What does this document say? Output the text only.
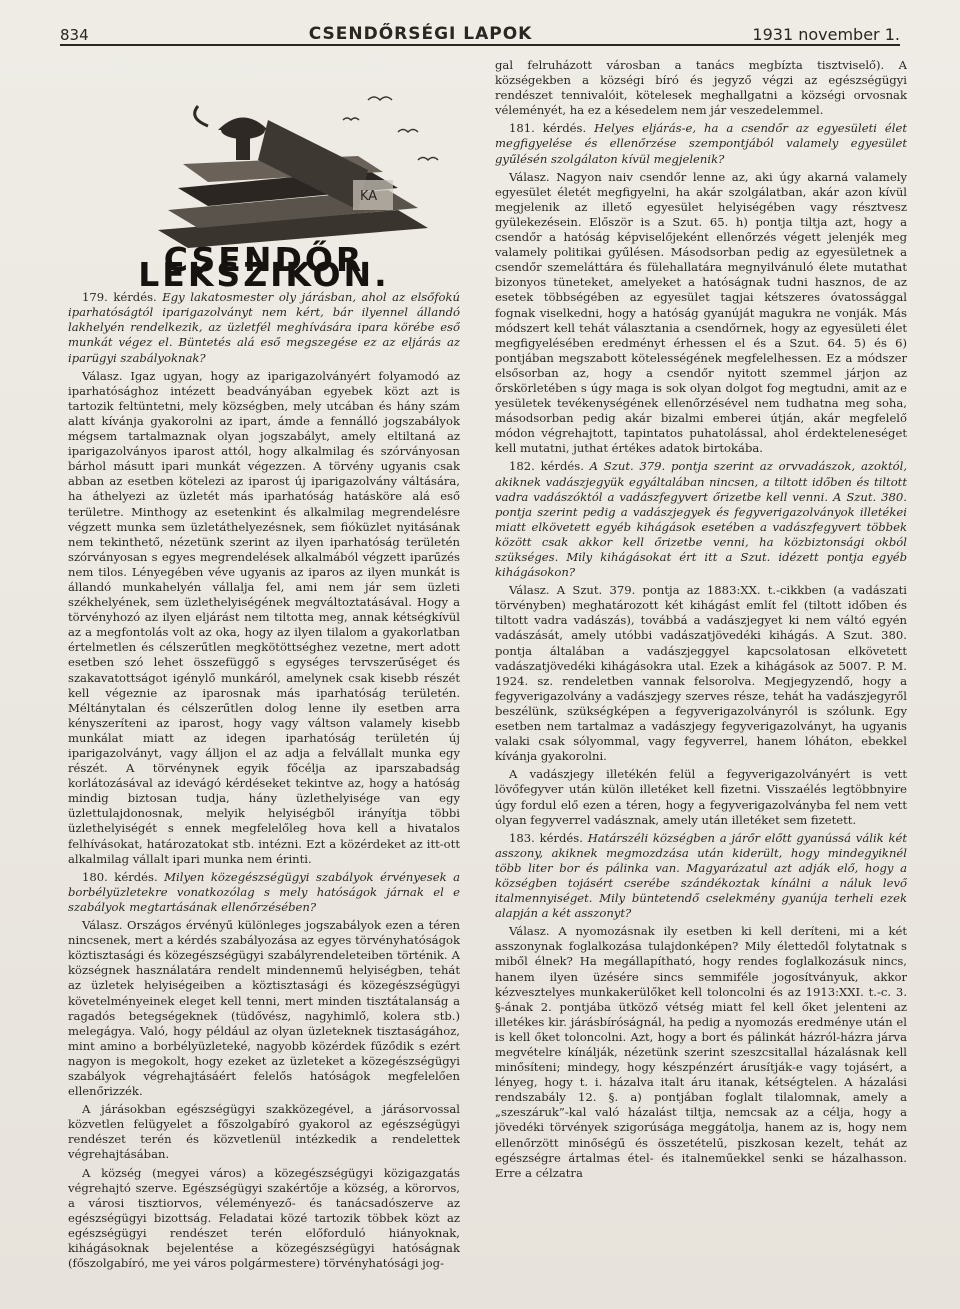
834	CSENDŐRSÉGI LAPOK	1931 november 1.
KA
CSENDŐR LEKSZIKON.

179. kérdés. Egy lakatosmester oly járásban, ahol az elsőfokú iparhatóságtól iparigazolványt nem kért, bár ilyennel állandó lakhelyén rendelkezik, az üzletfél meghívására ipara körébe eső munkát végez el. Büntetés alá eső megszegése ez az eljárás az iparügyi szabályoknak?

Válasz. Igaz ugyan, hogy az iparigazolványért folyamodó az iparhatósághoz intézett beadványában egyebek közt azt is tartozik feltüntetni, mely községben, mely utcában és hány szám alatt kívánja gyakorolni az ipart, ámde a fennálló jogszabályok mégsem tartalmaznak olyan jogszabályt, amely eltiltaná az iparigazolványos iparost attól, hogy alkalmilag és szórványosan bárhol másutt ipari munkát végezzen. A törvény ugyanis csak abban az esetben kötelezi az iparost új iparigazolvány váltására, ha áthelyezi az üzletét más iparhatóság hatásköre alá eső területre. Minthogy az esetenkint és alkalmilag megrendelésre végzett munka sem üzletáthelyezésnek, sem fióküzlet nyitásának nem tekinthető, nézetünk szerint az ilyen iparhatóság területén szórványosan s egyes megrendelések alkalmából végzett iparűzés nem tilos. Lényegében véve ugyanis az iparos az ilyen munkát is állandó munkahelyén vállalja fel, ami nem jár sem üzleti székhelyének, sem üzlethelyiségének megváltoztatásával. Hogy a törvényhozó az ilyen eljárást nem tiltotta meg, annak kétségkívül az a megfontolás volt az oka, hogy az ilyen tilalom a gyakorlatban értelmetlen és célszerűtlen megkötöttséghez vezetne, mert adott esetben szó lehet összefüggő s egységes tervszerűséget és szakavatottságot igénylő munkáról, amelynek csak kisebb részét kell végeznie az iparosnak más iparhatóság területén. Méltánytalan és célszerűtlen dolog lenne ily esetben arra kényszeríteni az iparost, hogy vagy váltson valamely kisebb munkálat miatt az idegen iparhatóság területén új iparigazolványt, vagy álljon el az adja a felvállalt munka egy részét. A törvénynek egyik főcélja az iparszabadság korlátozásával az idevágó kérdéseket tekintve az, hogy a hatóság mindig biztosan tudja, hány üzlethelyisége van egy üzlettulajdonosnak, melyik helyiségből irányítja többi üzlethelyiségét s ennek megfelelőleg hova kell a hivatalos felhívásokat, határozatokat stb. intézni. Ezt a közérdeket az itt-ott alkalmilag vállalt ipari munka nem érinti.

180. kérdés. Milyen közegészségügyi szabályok érvényesek a borbélyüzletekre vonatkozólag s mely hatóságok járnak el e szabályok megtartásának ellenőrzésében?

Válasz. Országos érvényű különleges jogszabályok ezen a téren nincsenek, mert a kérdés szabályozása az egyes törvényhatóságok köztisztasági és közegészségügyi szabályrendeleteiben történik. A községnek használatára rendelt mindennemű helyiségben, tehát az üzletek helyiségeiben a köztisztasági és közegészségügyi követelményeinek eleget kell tenni, mert minden tisztátalanság a ragadós betegségeknek (tüdővész, nagyhimlő, kolera stb.) melegágya. Való, hogy például az olyan üzleteknek tisztaságához, mint amino a borbélyüzleteké, nagyobb közérdek fűződik s ezért nagyon is megokolt, hogy ezeket az üzleteket a közegészségügyi szabályok végrehajtásáért felelős hatóságok megfelelően ellenőrizzék.

A járásokban egészségügyi szakközegével, a járásorvossal közvetlen felügyelet a főszolgabíró gyakorol az egészségügyi rendészet terén és közvetlenül intézkedik a rendelettek végrehajtásában.

A község (megyei város) a közegészségügyi közigazgatás végrehajtó szerve. Egészségügyi szakértője a község, a körorvos, a városi tisztiorvos, véleményező- és tanácsadószerve az egészségügyi bizottság. Feladatai közé tartozik többek közt az egészségügyi rendészet terén előforduló hiányoknak, kihágásoknak bejelentése a közegészségügyi hatóságnak (főszolgabíró, me yei város polgármestere) törvényhatósági jog-

gal felruházott városban a tanács megbízta tisztviselő). A községekben a községi bíró és jegyző végzi az egészségügyi rendészet tennivalóit, kötelesek meghallgatni a községi orvosnak véleményét, ha ez a késedelem nem jár veszedelemmel.

181. kérdés. Helyes eljárás-e, ha a csendőr az egyesületi élet megfigyelése és ellenőrzése szempontjából valamely egyesület gyűlésén szolgálaton kívül megjelenik?

Válasz. Nagyon naiv csendőr lenne az, aki úgy akarná valamely egyesület életét megfigyelni, ha akár szolgálatban, akár azon kívül megjelenik az illető egyesület helyiségében vagy résztvesz gyülekezésein. Először is a Szut. 65. h) pontja tiltja azt, hogy a csendőr a hatóság képviselőjeként ellenőrzés végett jelenjék meg valamely politikai gyűlésen. Másodsorban pedig az egyesületnek a csendőr szemeláttára és fülehallatára megnyilvánuló élete mutathat bizonyos tüneteket, amelyeket a hatóságnak tudni hasznos, de az esetek többségében az egyesület tagjai kétszeres óvatossággal fognak viselkedni, hogy a hatóság gyanúját magukra ne vonják. Más módszert kell tehát választania a csendőrnek, hogy az egyesületi élet megfigyelésében eredményt érhessen el és a Szut. 64. 5) és 6) pontjában megszabott kötelességének megfelelhessen. Ez a módszer elsősorban az, hogy a csendőr nyitott szemmel járjon az őrskörletében s úgy maga is sok olyan dolgot fog megtudni, amit az e yesületek tevékenységének ellenőrzésével nem tudhatna meg soha, másodsorban pedig akár bizalmi emberei útján, akár megfelelő módon végrehajtott, tapintatos puhatolással, ahol érdekteleneséget kell mutatni, juthat értékes adatok birtokába.

182. kérdés. A Szut. 379. pontja szerint az orvvadászok, azoktól, akiknek vadászjegyük egyáltalában nincsen, a tiltott időben és tiltott vadra vadászóktól a vadászfegyvert őrizetbe kell venni. A Szut. 380. pontja szerint pedig a vadászjegyek és fegyverigazolványok illetékei miatt elkövetett egyéb kihágások esetében a vadászfegyvert többek között csak akkor kell őrizetbe venni, ha közbiztonsági okból szükséges. Mily kihágásokat ért itt a Szut. idézett pontja egyéb kihágásokon?

Válasz. A Szut. 379. pontja az 1883:XX. t.-cikkben (a vadászati törvényben) meghatározott két kihágást említ fel (tiltott időben és tiltott vadra vadászás), továbbá a vadászjegyet ki nem váltó egyén vadászását, amely utóbbi vadászatjövedéki kihágás. A Szut. 380. pontja általában a vadászjeggyel kapcsolatosan elkövetett vadászatjövedéki kihágásokra utal. Ezek a kihágások az 5007. P. M. 1924. sz. rendeletben vannak felsorolva. Megjegyzendő, hogy a fegyverigazolvány a vadászjegy szerves része, tehát ha vadászjegyről beszélünk, szükségképen a fegyverigazolványról is szólunk. Egy esetben nem tartalmaz a vadászjegy fegyverigazolványt, ha ugyanis valaki csak sólyommal, vagy fegyverrel, hanem lóháton, ebekkel kívánja gyakorolni.

A vadászjegy illetékén felül a fegyverigazolványért is vett lövőfegyver után külön illetéket kell fizetni. Visszaélés legtöbbnyire úgy fordul elő ezen a téren, hogy a fegyverigazolványba fel nem vett olyan fegyverrel vadásznak, amely után illetéket sem fizetett.

183. kérdés. Határszéli községben a járőr előtt gyanússá válik két asszony, akiknek megmozdzása után kiderült, hogy mindegyiknél több liter bor és pálinka van. Magyarázatul azt adják elő, hogy a községben tojásért cserébe szándékoztak kínálni a náluk levő italmennyiséget. Mily büntetendő cselekmény gyanúja terheli ezek alapján a két asszonyt?

Válasz. A nyomozásnak ily esetben ki kell deríteni, mi a két asszonynak foglalkozása tulajdonképen? Mily élettedől folytatnak s miből élnek? Ha megállapítható, hogy rendes foglalkozásuk nincs, hanem ilyen üzésére sincs semmiféle jogosítványuk, akkor kézvesztelyes munkakerülőket kell toloncolni és az 1913:XXI. t.-c. 3. §-ának 2. pontjába ütköző vétség miatt fel kell őket jelenteni az illetékes kir. járásbíróságnál, ha pedig a nyomozás eredménye után el is kell őket toloncolni. Azt, hogy a bort és pálinkát házról-házra járva megvételre kínálják, nézetünk szerint szeszcsitallal házalásnak kell minősíteni; mindegy, hogy készpénzért árusítják-e vagy tojásért, a lényeg, hogy t. i. házalva italt áru itanak, kétségtelen. A házalási rendszabály 12. §. a) pontjában foglalt tilalomnak, amely a „szeszáruk”-kal való házalást tiltja, nemcsak az a célja, hogy a jövedéki törvények szigorúsága meggátolja, hanem az is, hogy nem ellenőrzött minőségű és összetételű, piszkosan kezelt, tehát az egészségre ártalmas étel- és italneműekkel senki se házalhasson. Erre a célzatra
